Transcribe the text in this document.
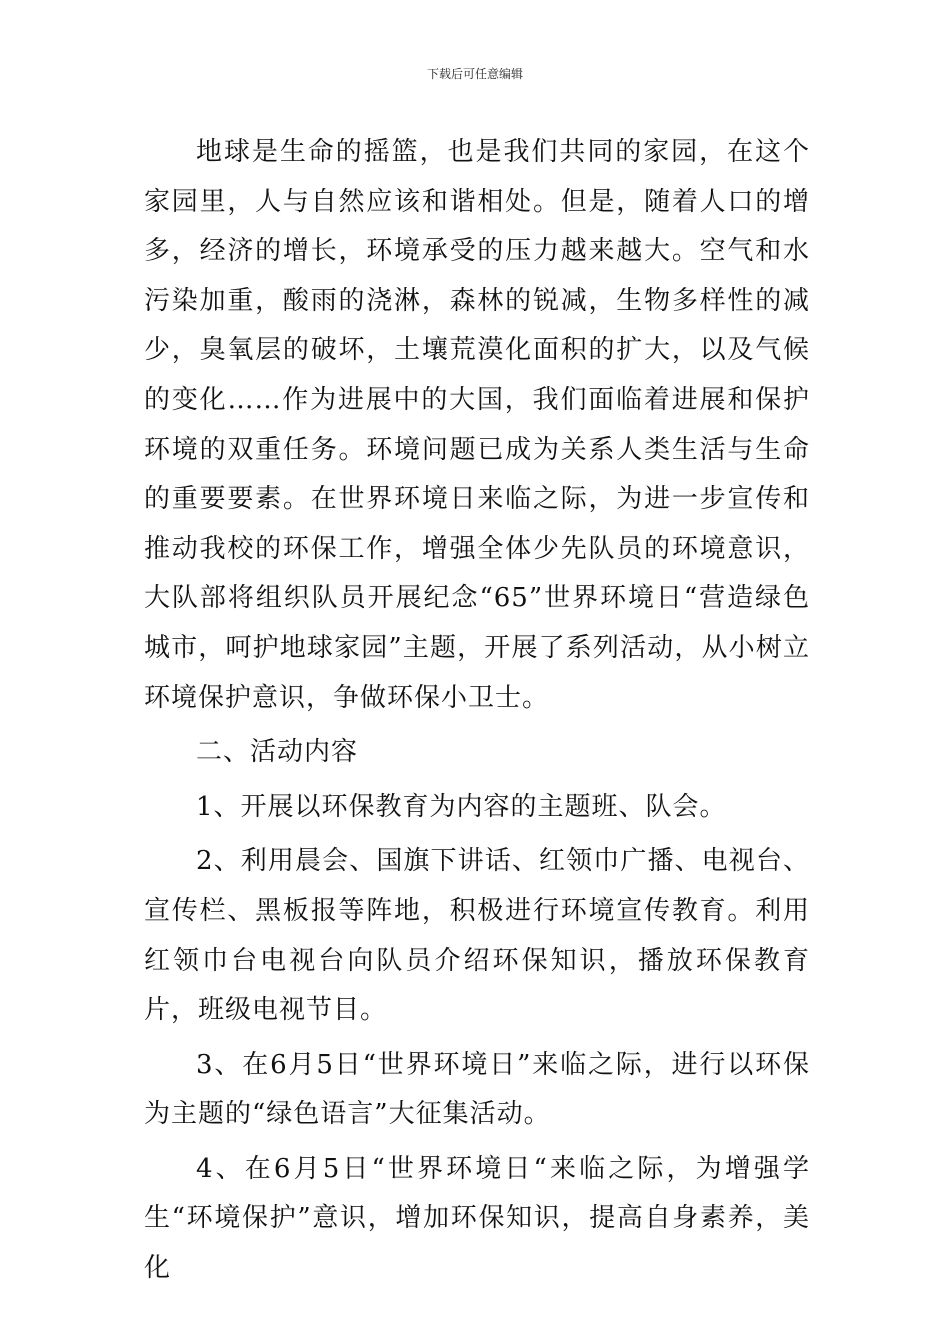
下载后可任意编辑

地球是生命的摇篮，也是我们共同的家园，在这个家园里，人与自然应该和谐相处。但是，随着人口的增多，经济的增长，环境承受的压力越来越大。空气和水污染加重，酸雨的浇淋，森林的锐减，生物多样性的减少，臭氧层的破坏，土壤荒漠化面积的扩大，以及气候的变化……作为进展中的大国，我们面临着进展和保护环境的双重任务。环境问题已成为关系人类生活与生命的重要要素。在世界环境日来临之际，为进一步宣传和推动我校的环保工作，增强全体少先队员的环境意识，大队部将组织队员开展纪念“65”世界环境日“营造绿色城市，呵护地球家园”主题，开展了系列活动，从小树立环境保护意识，争做环保小卫士。

二、活动内容

1、开展以环保教育为内容的主题班、队会。

2、利用晨会、国旗下讲话、红领巾广播、电视台、宣传栏、黑板报等阵地，积极进行环境宣传教育。利用红领巾台电视台向队员介绍环保知识，播放环保教育片，班级电视节目。

3、在6月5日“世界环境日”来临之际，进行以环保为主题的“绿色语言”大征集活动。

4、在6月5日“世界环境日“来临之际，为增强学生“环境保护”意识，增加环保知识，提高自身素养，美化
